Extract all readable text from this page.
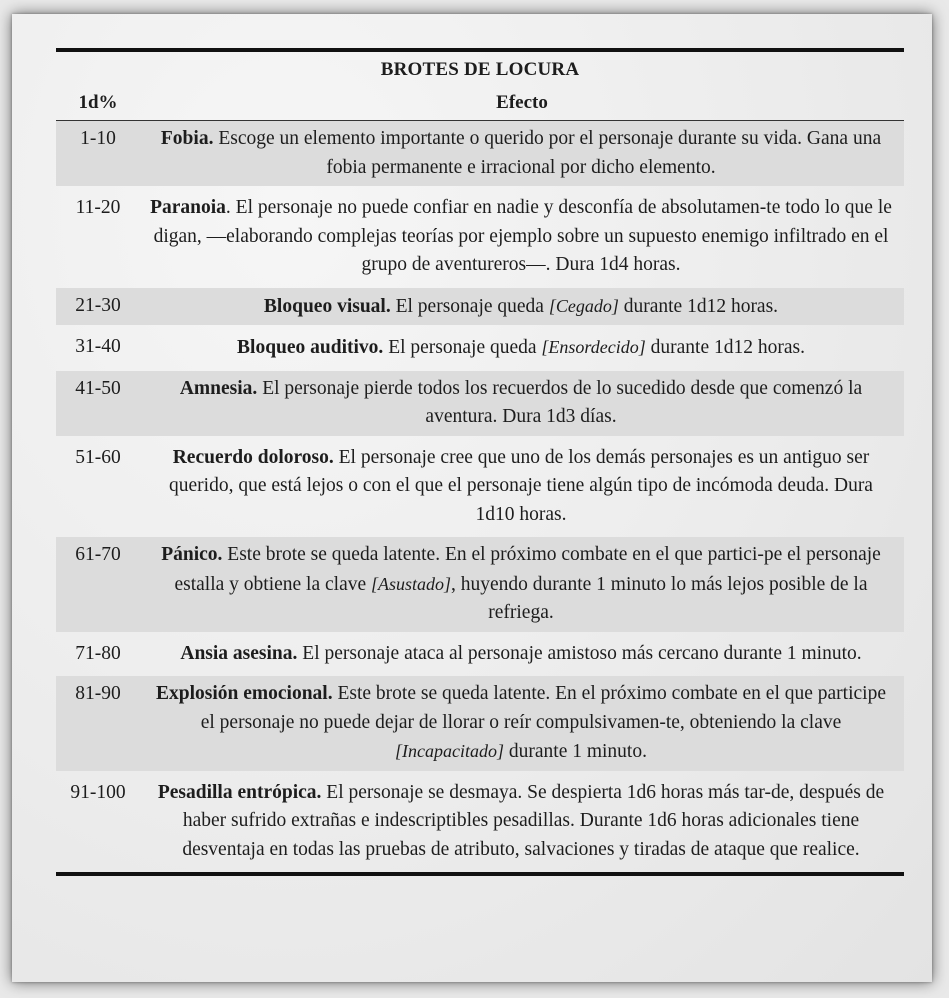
BROTES DE LOCURA
1d%	Efecto
1-10	Fobia. Escoge un elemento importante o querido por el personaje durante su vida. Gana una fobia permanente e irracional por dicho elemento.
11-20	Paranoia. El personaje no puede confiar en nadie y desconfía de absolutamen-te todo lo que le digan, —elaborando complejas teorías por ejemplo sobre un supuesto enemigo infiltrado en el grupo de aventureros—. Dura 1d4 horas.
21-30	Bloqueo visual. El personaje queda [Cegado] durante 1d12 horas.
31-40	Bloqueo auditivo. El personaje queda [Ensordecido] durante 1d12 horas.
41-50	Amnesia. El personaje pierde todos los recuerdos de lo sucedido desde que comenzó la aventura. Dura 1d3 días.
51-60	Recuerdo doloroso. El personaje cree que uno de los demás personajes es un antiguo ser querido, que está lejos o con el que el personaje tiene algún tipo de incómoda deuda. Dura 1d10 horas.
61-70	Pánico. Este brote se queda latente. En el próximo combate en el que partici-pe el personaje estalla y obtiene la clave [Asustado], huyendo durante 1 minuto lo más lejos posible de la refriega.
71-80	Ansia asesina. El personaje ataca al personaje amistoso más cercano durante 1 minuto.
81-90	Explosión emocional. Este brote se queda latente. En el próximo combate en el que participe el personaje no puede dejar de llorar o reír compulsivamen-te, obteniendo la clave [Incapacitado] durante 1 minuto.
91-100	Pesadilla entrópica. El personaje se desmaya. Se despierta 1d6 horas más tar-de, después de haber sufrido extrañas e indescriptibles pesadillas. Durante 1d6 horas adicionales tiene desventaja en todas las pruebas de atributo, salvaciones y tiradas de ataque que realice.
